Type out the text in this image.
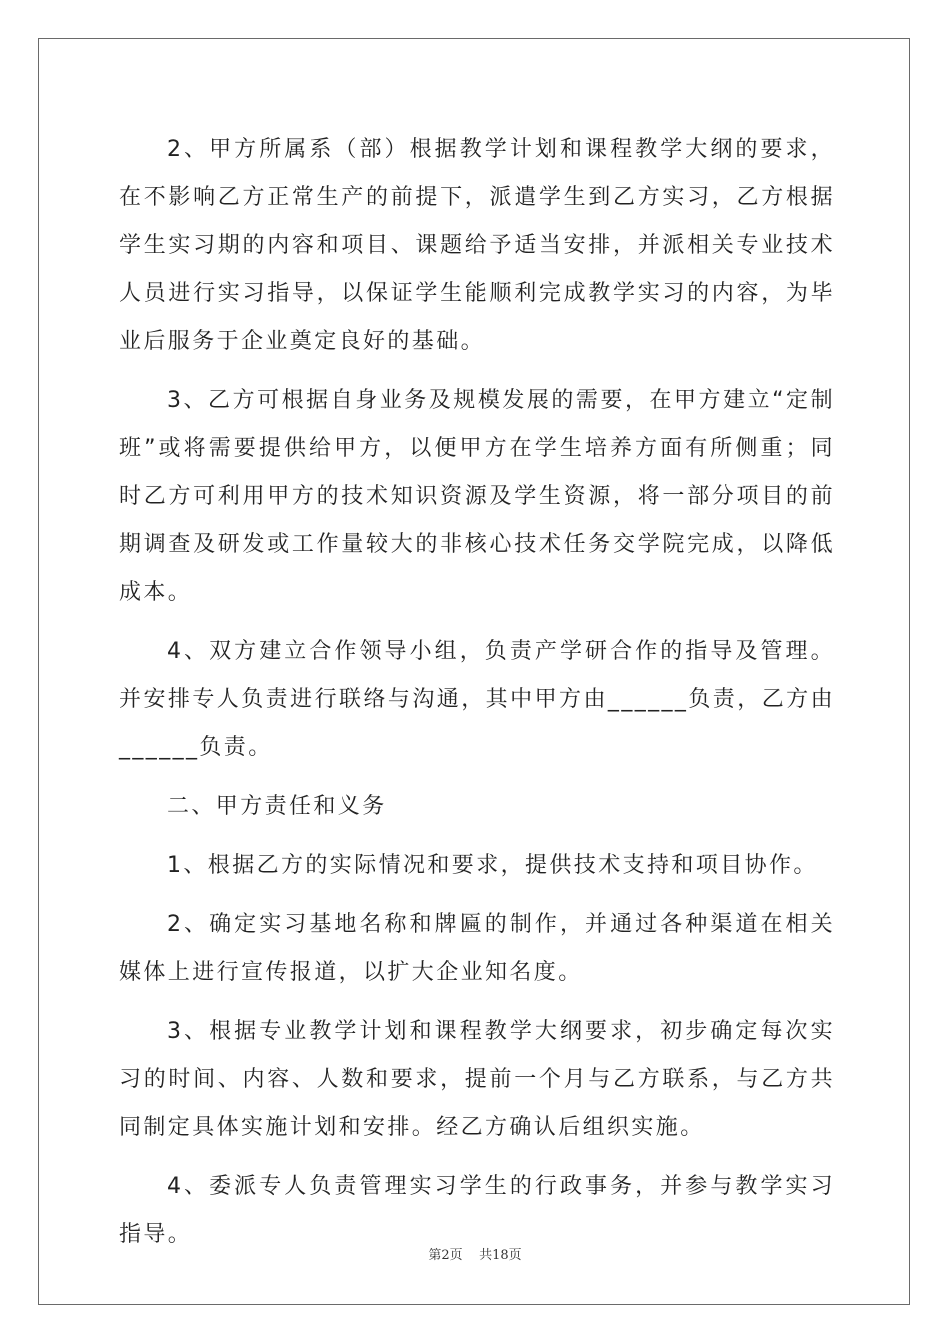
2、甲方所属系（部）根据教学计划和课程教学大纲的要求，在不影响乙方正常生产的前提下，派遣学生到乙方实习，乙方根据学生实习期的内容和项目、课题给予适当安排，并派相关专业技术人员进行实习指导，以保证学生能顺利完成教学实习的内容，为毕业后服务于企业奠定良好的基础。

3、乙方可根据自身业务及规模发展的需要，在甲方建立“定制班”或将需要提供给甲方，以便甲方在学生培养方面有所侧重；同时乙方可利用甲方的技术知识资源及学生资源，将一部分项目的前期调查及研发或工作量较大的非核心技术任务交学院完成，以降低成本。

4、双方建立合作领导小组，负责产学研合作的指导及管理。并安排专人负责进行联络与沟通，其中甲方由______负责，乙方由______负责。

二、甲方责任和义务

1、根据乙方的实际情况和要求，提供技术支持和项目协作。

2、确定实习基地名称和牌匾的制作，并通过各种渠道在相关媒体上进行宣传报道，以扩大企业知名度。

3、根据专业教学计划和课程教学大纲要求，初步确定每次实习的时间、内容、人数和要求，提前一个月与乙方联系，与乙方共同制定具体实施计划和安排。经乙方确认后组织实施。

4、委派专人负责管理实习学生的行政事务，并参与教学实习指导。

第2页 共18页
